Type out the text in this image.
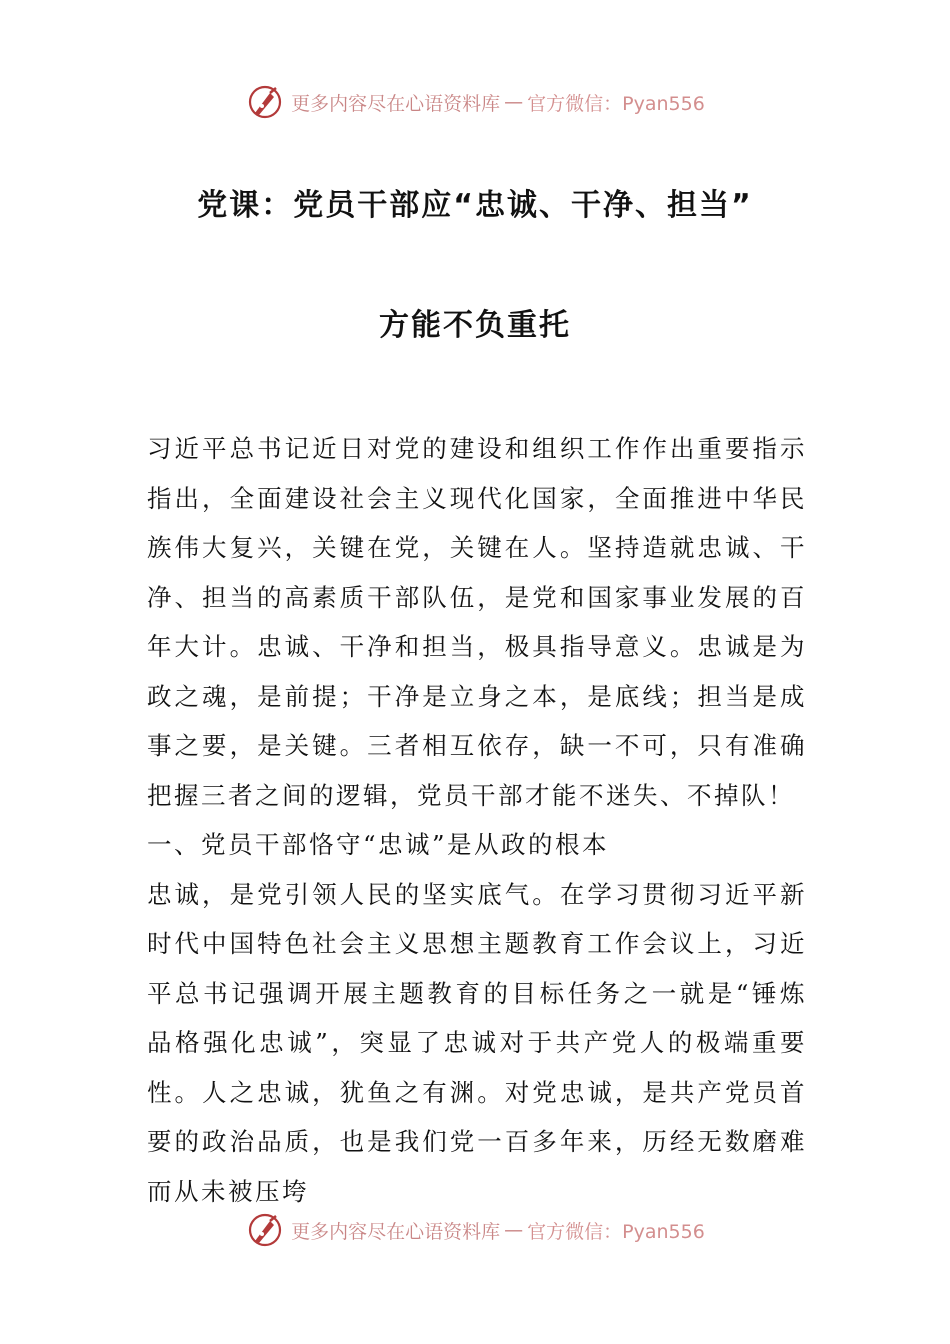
更多内容尽在心语资料库 — 官方微信：Pyan556
党课：党员干部应“忠诚、干净、担当”
方能不负重托

习近平总书记近日对党的建设和组织工作作出重要指示指出，全面建设社会主义现代化国家，全面推进中华民族伟大复兴，关键在党，关键在人。坚持造就忠诚、干净、担当的高素质干部队伍，是党和国家事业发展的百年大计。忠诚、干净和担当，极具指导意义。忠诚是为政之魂，是前提；干净是立身之本，是底线；担当是成事之要，是关键。三者相互依存，缺一不可，只有准确把握三者之间的逻辑，党员干部才能不迷失、不掉队！

一、党员干部恪守“忠诚”是从政的根本

忠诚，是党引领人民的坚实底气。在学习贯彻习近平新时代中国特色社会主义思想主题教育工作会议上，习近平总书记强调开展主题教育的目标任务之一就是“锤炼品格强化忠诚”，突显了忠诚对于共产党人的极端重要性。人之忠诚，犹鱼之有渊。对党忠诚，是共产党员首要的政治品质，也是我们党一百多年来，历经无数磨难而从未被压垮

更多内容尽在心语资料库 — 官方微信：Pyan556
